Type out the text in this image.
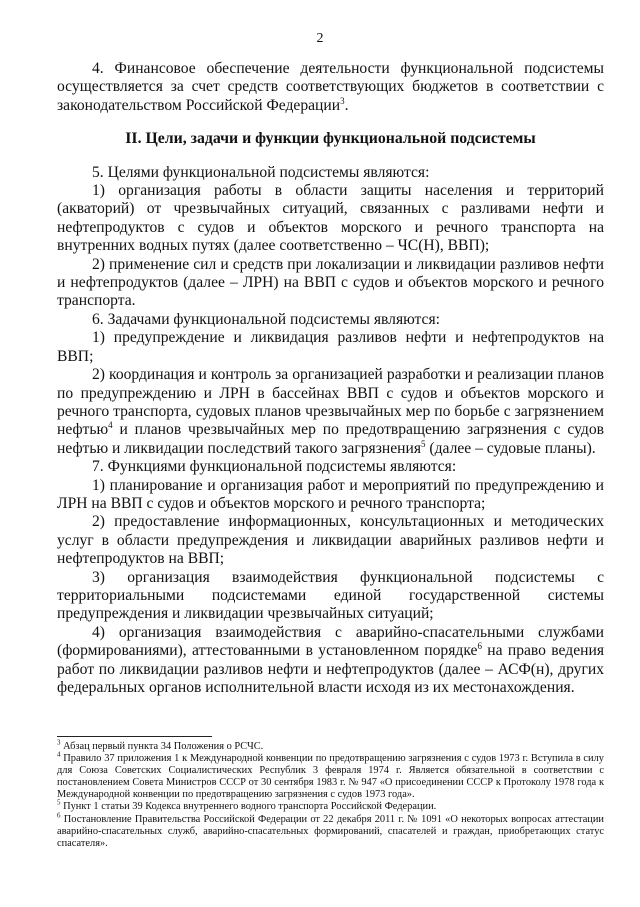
2

4. Финансовое обеспечение деятельности функциональной подсистемы осуществляется за счет средств соответствующих бюджетов в соответствии с законодательством Российской Федерации$^3$.

II. Цели, задачи и функции функциональной подсистемы

5. Целями функциональной подсистемы являются:

1) организация работы в области защиты населения и территорий (акваторий) от чрезвычайных ситуаций, связанных с разливами нефти и нефтепродуктов с судов и объектов морского и речного транспорта на внутренних водных путях (далее соответственно – ЧС(Н), ВВП);

2) применение сил и средств при локализации и ликвидации разливов нефти и нефтепродуктов (далее – ЛРН) на ВВП с судов и объектов морского и речного транспорта.

6. Задачами функциональной подсистемы являются:

1) предупреждение и ликвидация разливов нефти и нефтепродуктов на ВВП;

2) координация и контроль за организацией разработки и реализации планов по предупреждению и ЛРН в бассейнах ВВП с судов и объектов морского и речного транспорта, судовых планов чрезвычайных мер по борьбе с загрязнением нефтью$^4$ и планов чрезвычайных мер по предотвращению загрязнения с судов нефтью и ликвидации последствий такого загрязнения$^5$ (далее – судовые планы).

7. Функциями функциональной подсистемы являются:

1) планирование и организация работ и мероприятий по предупреждению и ЛРН на ВВП с судов и объектов морского и речного транспорта;

2) предоставление информационных, консультационных и методических услуг в области предупреждения и ликвидации аварийных разливов нефти и нефтепродуктов на ВВП;

3) организация взаимодействия функциональной подсистемы с территориальными подсистемами единой государственной системы предупреждения и ликвидации чрезвычайных ситуаций;

4) организация взаимодействия с аварийно-спасательными службами (формированиями), аттестованными в установленном порядке$^6$ на право ведения работ по ликвидации разливов нефти и нефтепродуктов (далее – АСФ(н), других федеральных органов исполнительной власти исходя из их местонахождения.

$^3$ Абзац первый пункта 34 Положения о РСЧС.

$^4$ Правило 37 приложения 1 к Международной конвенции по предотвращению загрязнения с судов 1973 г. Вступила в силу для Союза Советских Социалистических Республик 3 февраля 1974 г. Является обязательной в соответствии с постановлением Совета Министров СССР от 30 сентября 1983 г. № 947 «О присоединении СССР к Протоколу 1978 года к Международной конвенции по предотвращению загрязнения с судов 1973 года».

$^5$ Пункт 1 статьи 39 Кодекса внутреннего водного транспорта Российской Федерации.

$^6$ Постановление Правительства Российской Федерации от 22 декабря 2011 г. № 1091 «О некоторых вопросах аттестации аварийно-спасательных служб, аварийно-спасательных формирований, спасателей и граждан, приобретающих статус спасателя».
